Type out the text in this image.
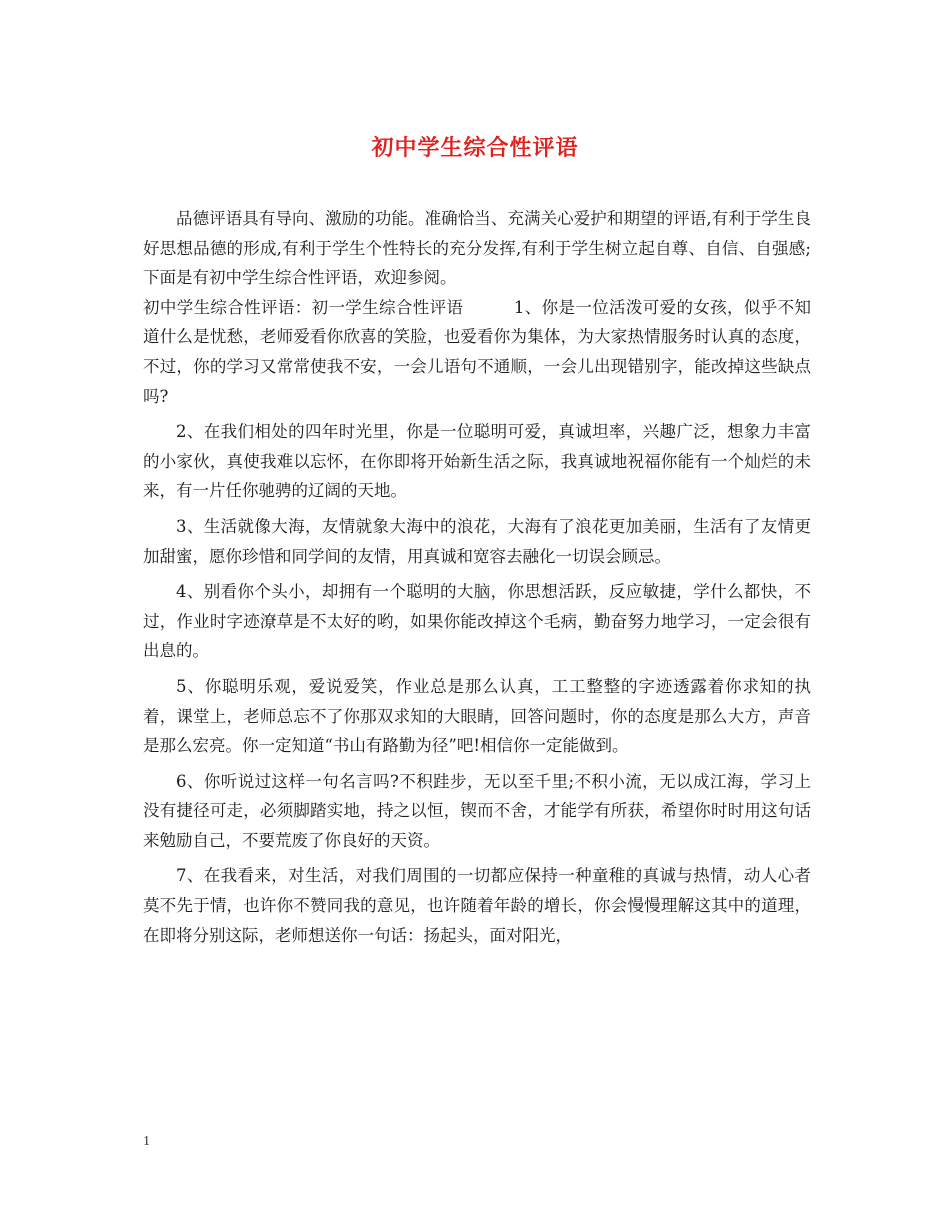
初中学生综合性评语

品德评语具有导向、激励的功能。准确恰当、充满关心爱护和期望的评语,有利于学生良好思想品德的形成,有利于学生个性特长的充分发挥,有利于学生树立起自尊、自信、自强感;下面是有初中学生综合性评语，欢迎参阅。

初中学生综合性评语：初一学生综合性评语　　　1、你是一位活泼可爱的女孩，似乎不知道什么是忧愁，老师爱看你欣喜的笑脸，也爱看你为集体，为大家热情服务时认真的态度，不过，你的学习又常常使我不安，一会儿语句不通顺，一会儿出现错别字，能改掉这些缺点吗?

2、在我们相处的四年时光里，你是一位聪明可爱，真诚坦率，兴趣广泛，想象力丰富的小家伙，真使我难以忘怀，在你即将开始新生活之际，我真诚地祝福你能有一个灿烂的未来，有一片任你驰骋的辽阔的天地。

3、生活就像大海，友情就象大海中的浪花，大海有了浪花更加美丽，生活有了友情更加甜蜜，愿你珍惜和同学间的友情，用真诚和宽容去融化一切误会顾忌。

4、别看你个头小，却拥有一个聪明的大脑，你思想活跃，反应敏捷，学什么都快，不过，作业时字迹潦草是不太好的哟，如果你能改掉这个毛病，勤奋努力地学习，一定会很有出息的。

5、你聪明乐观，爱说爱笑，作业总是那么认真，工工整整的字迹透露着你求知的执着，课堂上，老师总忘不了你那双求知的大眼睛，回答问题时，你的态度是那么大方，声音是那么宏亮。你一定知道“书山有路勤为径”吧!相信你一定能做到。

6、你听说过这样一句名言吗?不积跬步，无以至千里;不积小流，无以成江海，学习上没有捷径可走，必须脚踏实地，持之以恒，锲而不舍，才能学有所获，希望你时时用这句话来勉励自己，不要荒废了你良好的天资。

7、在我看来，对生活，对我们周围的一切都应保持一种童稚的真诚与热情，动人心者莫不先于情，也许你不赞同我的意见，也许随着年龄的增长，你会慢慢理解这其中的道理，在即将分别这际，老师想送你一句话：扬起头，面对阳光，

1
